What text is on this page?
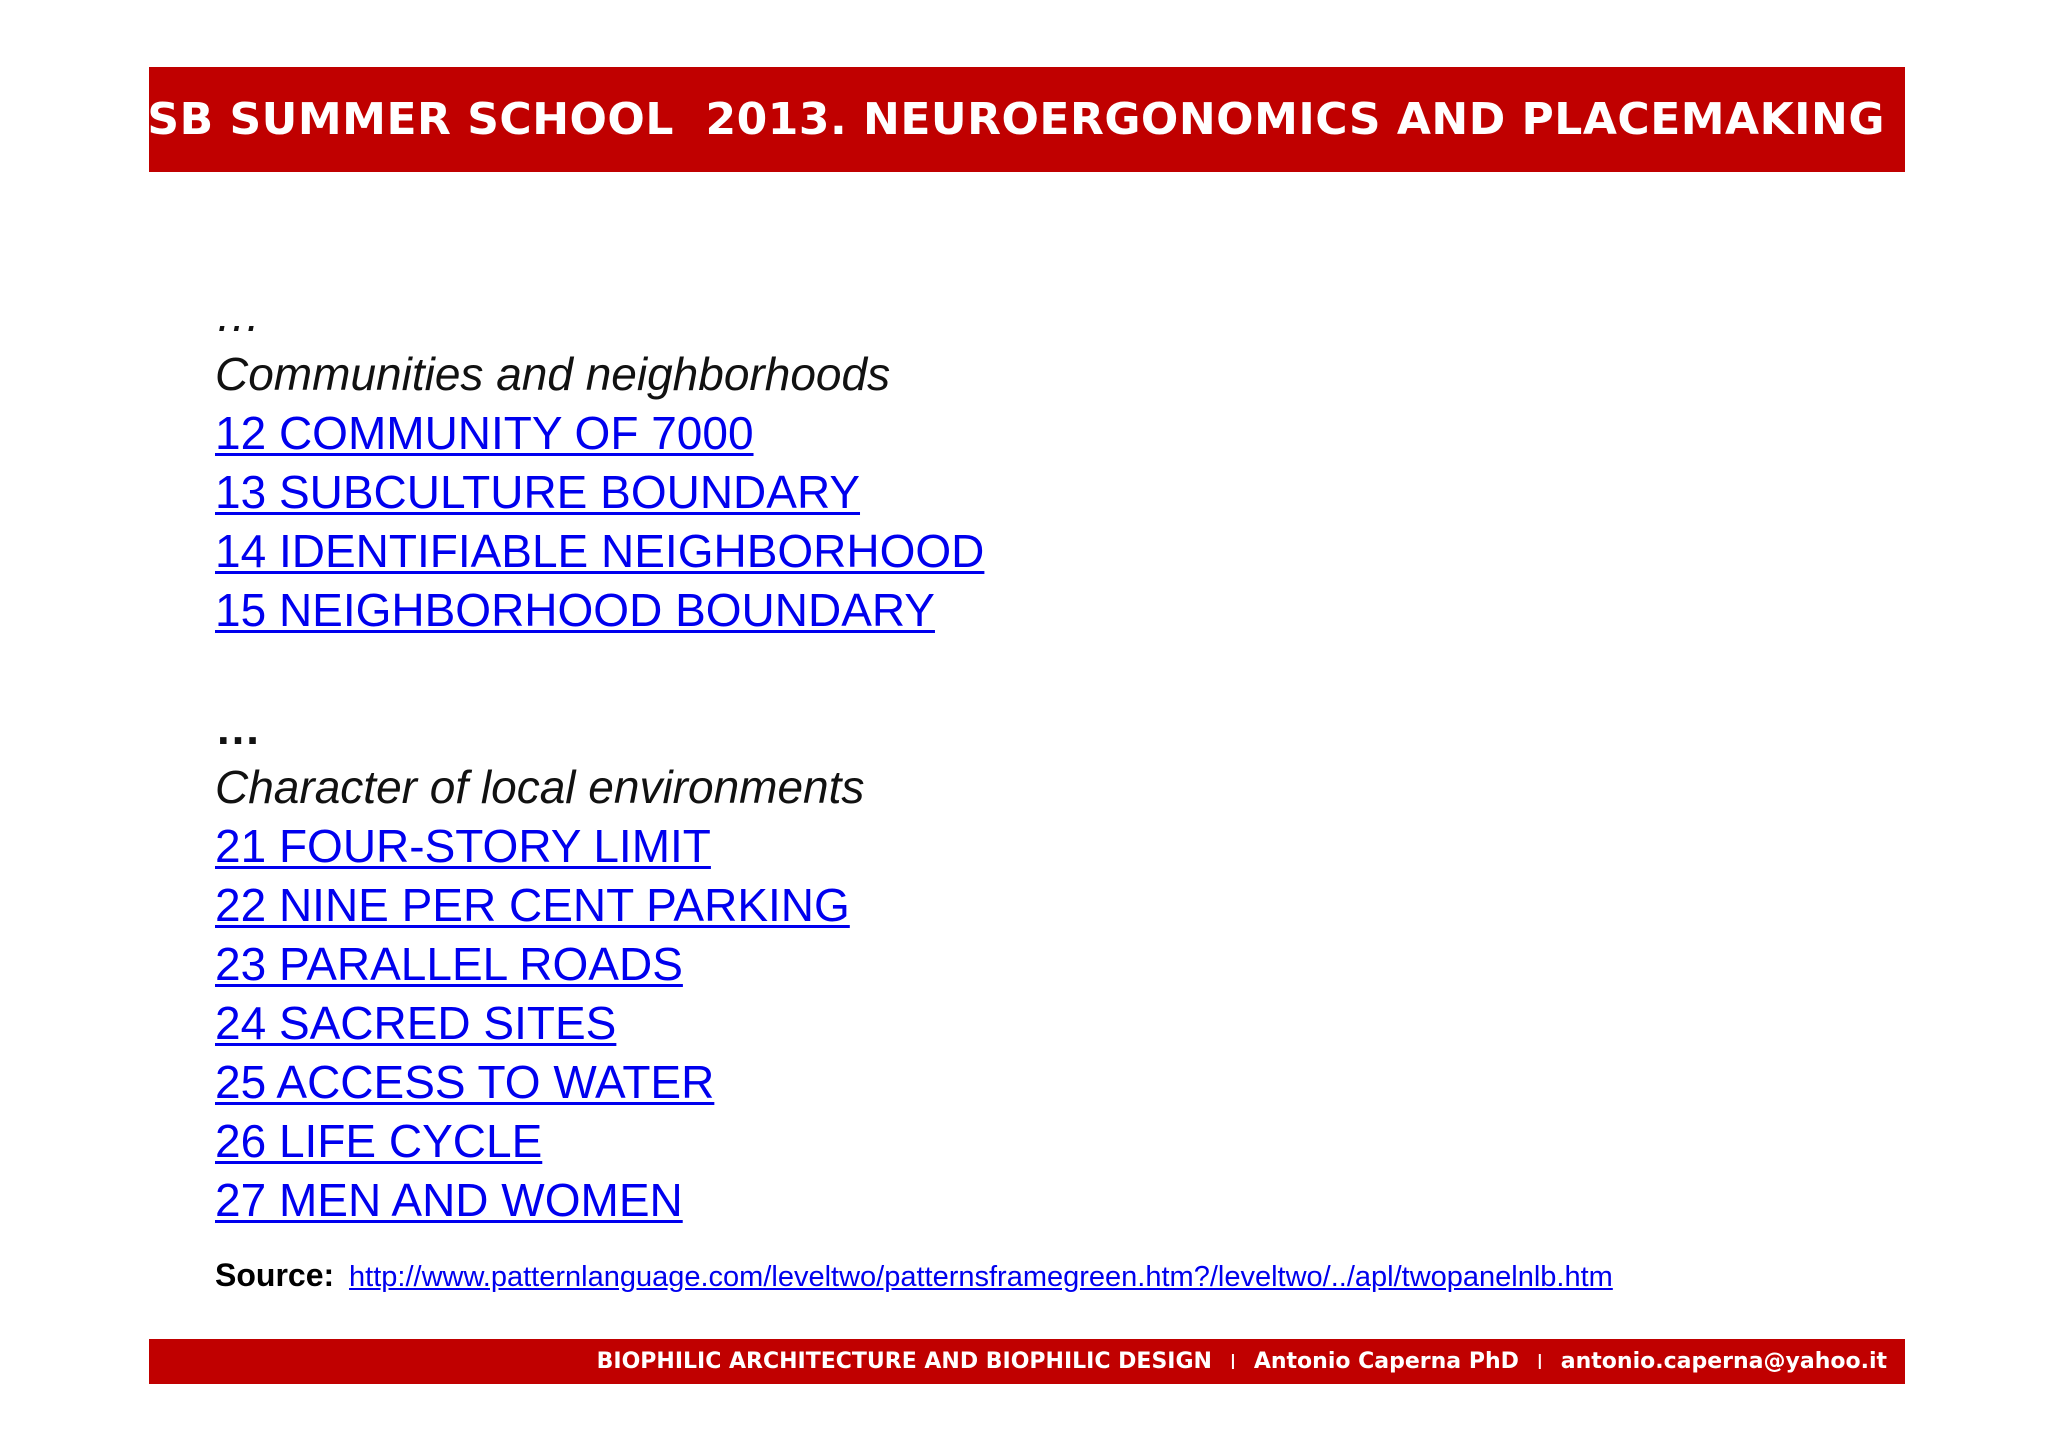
ISB SUMMER SCHOOL  2013. NEUROERGONOMICS AND PLACEMAKING
…
Communities and neighborhoods
12 COMMUNITY OF 7000
13 SUBCULTURE BOUNDARY
14 IDENTIFIABLE NEIGHBORHOOD
15 NEIGHBORHOOD BOUNDARY
…
Character of local environments
21 FOUR-STORY LIMIT
22 NINE PER CENT PARKING
23 PARALLEL ROADS
24 SACRED SITES
25 ACCESS TO WATER
26 LIFE CYCLE
27 MEN AND WOMEN
Source: http://www.patternlanguage.com/leveltwo/patternsframegreen.htm?/leveltwo/../apl/twopanelnlb.htm
BIOPHILIC ARCHITECTURE AND BIOPHILIC DESIGN I Antonio Caperna PhD I antonio.caperna@yahoo.it
